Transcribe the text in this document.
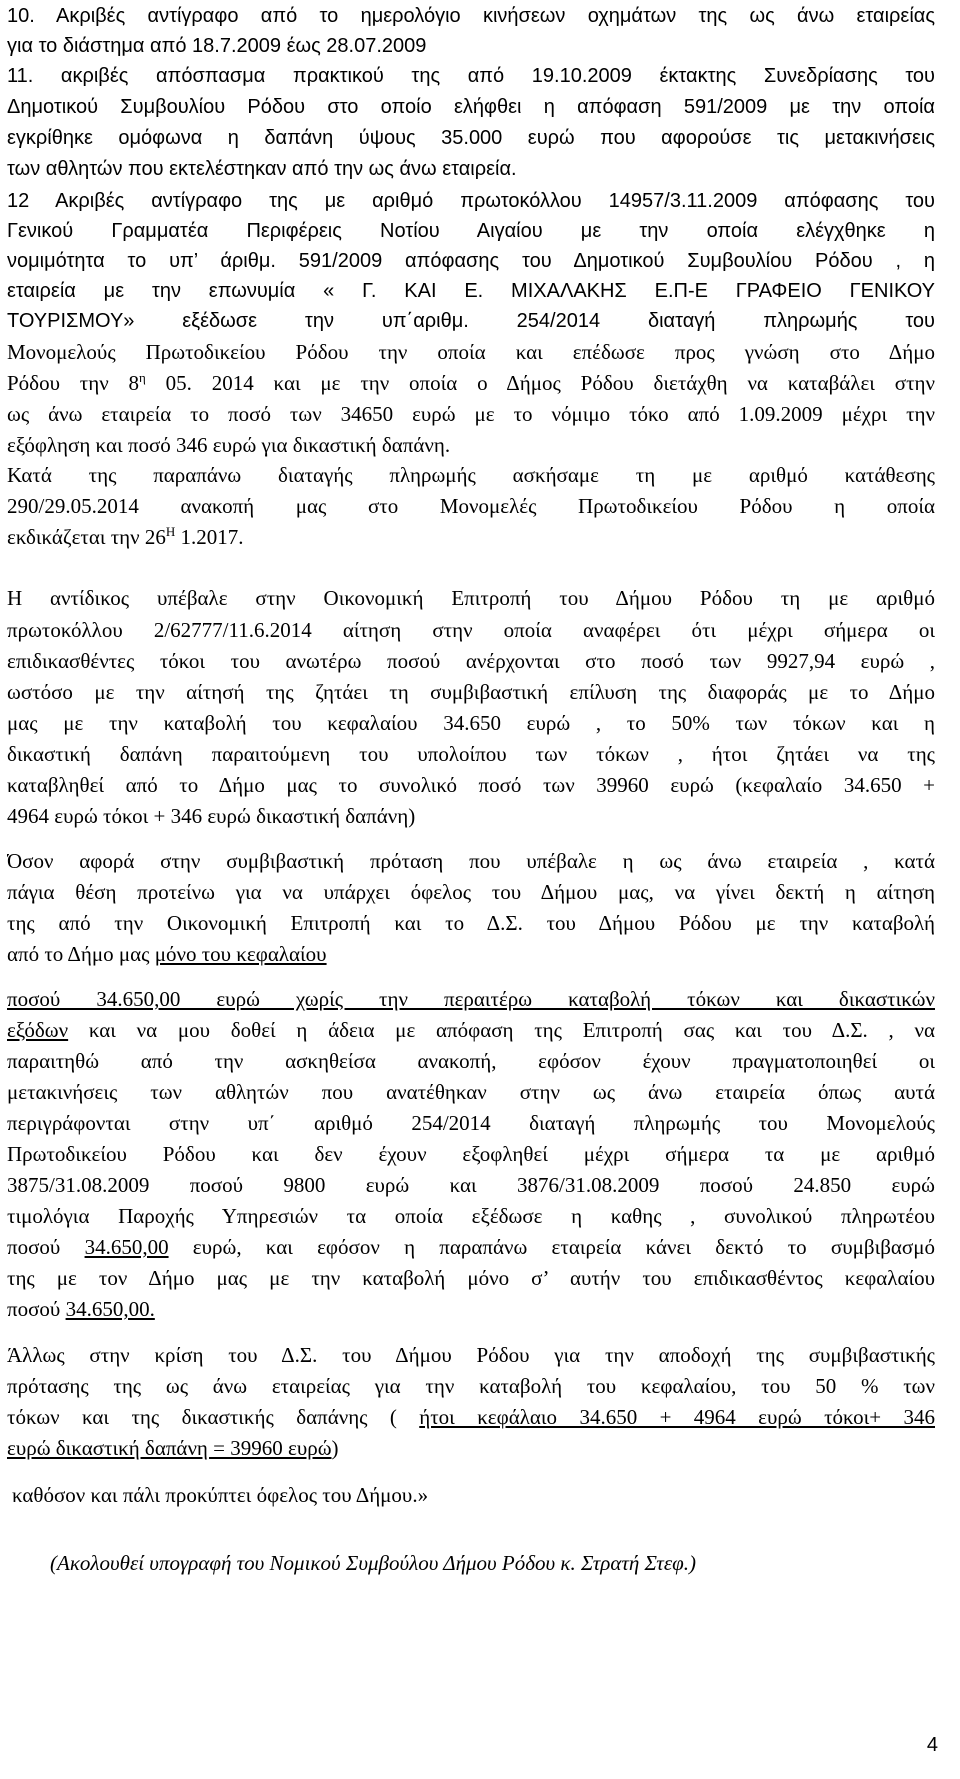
10. Ακριβές αντίγραφο από το ημερολόγιο κινήσεων οχημάτων της ως άνω εταιρείας
για το διάστημα από 18.7.2009 έως 28.07.2009
11. ακριβές απόσπασμα πρακτικού της από 19.10.2009 έκτακτης Συνεδρίασης του
Δημοτικού Συμβουλίου Ρόδου στο οποίο ελήφθει η απόφαση 591/2009 με την οποία
εγκρίθηκε ομόφωνα η δαπάνη ύψους 35.000 ευρώ που αφορούσε τις μετακινήσεις
των αθλητών που εκτελέστηκαν από την ως άνω εταιρεία.
12 Ακριβές αντίγραφο της με αριθμό πρωτοκόλλου 14957/3.11.2009 απόφασης του
Γενικού Γραμματέα Περιφέρεις Νοτίου Αιγαίου με την οποία ελέγχθηκε η
νομιμότητα το υπ’ άριθμ. 591/2009 απόφασης του Δημοτικού Συμβουλίου Ρόδου , η
εταιρεία με την επωνυμία « Γ. ΚΑΙ Ε. ΜΙΧΑΛΑΚΗΣ Ε.Π-Ε ΓΡΑΦΕΙΟ ΓΕΝΙΚΟΥ
ΤΟΥΡΙΣΜΟΥ» εξέδωσε την υπ΄αριθμ. 254/2014 διαταγή πληρωμής του
Μονομελούς Πρωτοδικείου Ρόδου την οποία και επέδωσε προς γνώση στο Δήμο
Ρόδου την $8^\eta$ 05. 2014 και με την οποία ο Δήμος Ρόδου διετάχθη να καταβάλει στην
ως άνω εταιρεία το ποσό των 34650 ευρώ με το νόμιμο τόκο από 1.09.2009 μέχρι την
εξόφληση και ποσό 346 ευρώ για δικαστική δαπάνη.
Κατά της παραπάνω διαταγής πληρωμής ασκήσαμε τη με αριθμό κατάθεσης
290/29.05.2014 ανακοπή μας στο Μονομελές Πρωτοδικείου Ρόδου η οποία
εκδικάζεται την $26^H$ 1.2017.
Η αντίδικος υπέβαλε στην Οικονομική Επιτροπή του Δήμου Ρόδου τη με αριθμό
πρωτοκόλλου 2/62777/11.6.2014 αίτηση στην οποία αναφέρει ότι μέχρι σήμερα οι
επιδικασθέντες τόκοι του ανωτέρω ποσού ανέρχονται στο ποσό των 9927,94 ευρώ ,
ωστόσο με την αίτησή της ζητάει τη συμβιβαστική επίλυση της διαφοράς με το Δήμο
μας με την καταβολή του κεφαλαίου 34.650 ευρώ , το 50% των τόκων και η
δικαστική δαπάνη παραιτούμενη του υπολοίπου των τόκων , ήτοι ζητάει να της
καταβληθεί από το Δήμο μας το συνολικό ποσό των 39960 ευρώ (κεφαλαίο 34.650 +
4964 ευρώ τόκοι + 346 ευρώ δικαστική δαπάνη)
Όσον αφορά στην συμβιβαστική πρόταση που υπέβαλε η ως άνω εταιρεία , κατά
πάγια θέση προτείνω για να υπάρχει όφελος του Δήμου μας, να γίνει δεκτή η αίτηση
της από την Οικονομική Επιτροπή και το Δ.Σ. του Δήμου Ρόδου με την καταβολή
από το Δήμο μας μόνο του κεφαλαίου
ποσού 34.650,00 ευρώ χωρίς την περαιτέρω καταβολή τόκων και δικαστικών
εξόδων και να μου δοθεί η άδεια με απόφαση της Επιτροπή σας και του Δ.Σ. , να
παραιτηθώ από την ασκηθείσα ανακοπή, εφόσον έχουν πραγματοποιηθεί οι
μετακινήσεις των αθλητών που ανατέθηκαν στην ως άνω εταιρεία όπως αυτά
περιγράφονται στην υπ΄ αριθμό 254/2014 διαταγή πληρωμής του Μονομελούς
Πρωτοδικείου Ρόδου και δεν έχουν εξοφληθεί μέχρι σήμερα τα με αριθμό
3875/31.08.2009 ποσού 9800 ευρώ και 3876/31.08.2009 ποσού 24.850 ευρώ
τιμολόγια Παροχής Υπηρεσιών τα οποία εξέδωσε η καθης , συνολικού πληρωτέου
ποσού 34.650,00 ευρώ, και εφόσον η παραπάνω εταιρεία κάνει δεκτό το συμβιβασμό
της με τον Δήμο μας με την καταβολή μόνο σ’ αυτήν του επιδικασθέντος κεφαλαίου
ποσού 34.650,00.
Άλλως στην κρίση του Δ.Σ. του Δήμου Ρόδου για την αποδοχή της συμβιβαστικής
πρότασης της ως άνω εταιρείας για την καταβολή του κεφαλαίου, του 50 % των
τόκων και της δικαστικής δαπάνης ( ήτοι κεφάλαιο 34.650 + 4964 ευρώ τόκοι+ 346
ευρώ δικαστική δαπάνη = 39960 ευρώ)
καθόσον και πάλι προκύπτει όφελος του Δήμου.»
(Ακολουθεί υπογραφή του Νομικού Συμβούλου Δήμου Ρόδου κ. Στρατή Στεφ.)
4
